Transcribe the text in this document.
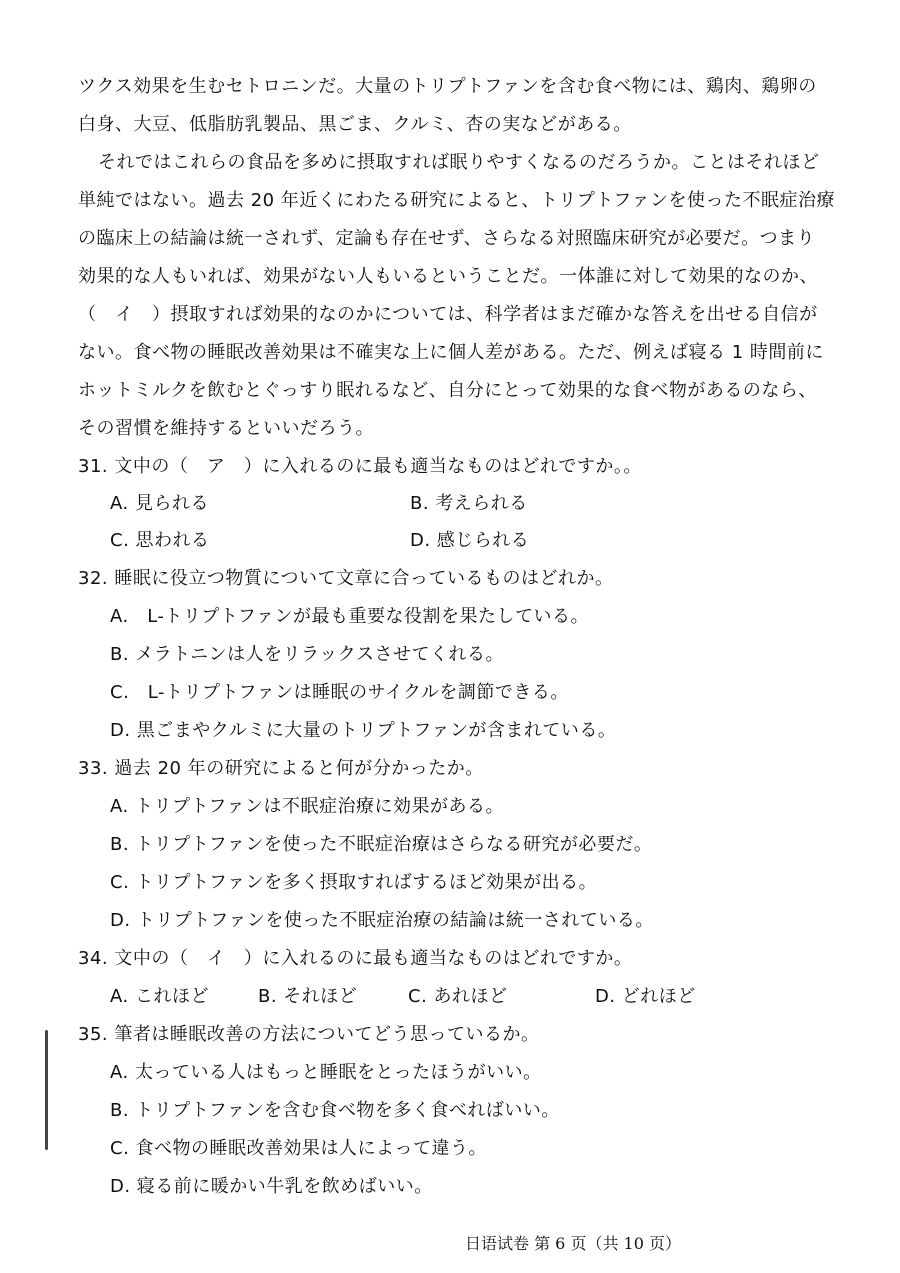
ツクス効果を生むセトロニンだ。大量のトリプトファンを含む食べ物には、鶏肉、鶏卵の
白身、大豆、低脂肪乳製品、黒ごま、クルミ、杏の実などがある。
それではこれらの食品を多めに摂取すれば眠りやすくなるのだろうか。ことはそれほど
単純ではない。過去 20 年近くにわたる研究によると、トリプトファンを使った不眠症治療
の臨床上の結論は統一されず、定論も存在せず、さらなる対照臨床研究が必要だ。つまり
効果的な人もいれば、効果がない人もいるということだ。一体誰に対して効果的なのか、
（　イ　）摂取すれば効果的なのかについては、科学者はまだ確かな答えを出せる自信が
ない。食べ物の睡眠改善効果は不確実な上に個人差がある。ただ、例えば寝る 1 時間前に
ホットミルクを飲むとぐっすり眠れるなど、自分にとって効果的な食べ物があるのなら、
その習慣を維持するといいだろう。
31. 文中の（　ア　）に入れるのに最も適当なものはどれですか。。
A. 見られる	B. 考えられる
C. 思われる	D. 感じられる
32. 睡眠に役立つ物質について文章に合っているものはどれか。
A.　L-トリプトファンが最も重要な役割を果たしている。
B. メラトニンは人をリラックスさせてくれる。
C.　L-トリプトファンは睡眠のサイクルを調節できる。
D. 黒ごまやクルミに大量のトリプトファンが含まれている。
33. 過去 20 年の研究によると何が分かったか。
A. トリプトファンは不眠症治療に効果がある。
B. トリプトファンを使った不眠症治療はさらなる研究が必要だ。
C. トリプトファンを多く摂取すればするほど効果が出る。
D. トリプトファンを使った不眠症治療の結論は統一されている。
34. 文中の（　イ　）に入れるのに最も適当なものはどれですか。
A. これほど	B. それほど	C. あれほど	D. どれほど
35. 筆者は睡眠改善の方法についてどう思っているか。
A. 太っている人はもっと睡眠をとったほうがいい。
B. トリプトファンを含む食べ物を多く食べればいい。
C. 食べ物の睡眠改善効果は人によって違う。
D. 寝る前に暖かい牛乳を飲めばいい。
日语试卷 第 6 页（共 10 页）
